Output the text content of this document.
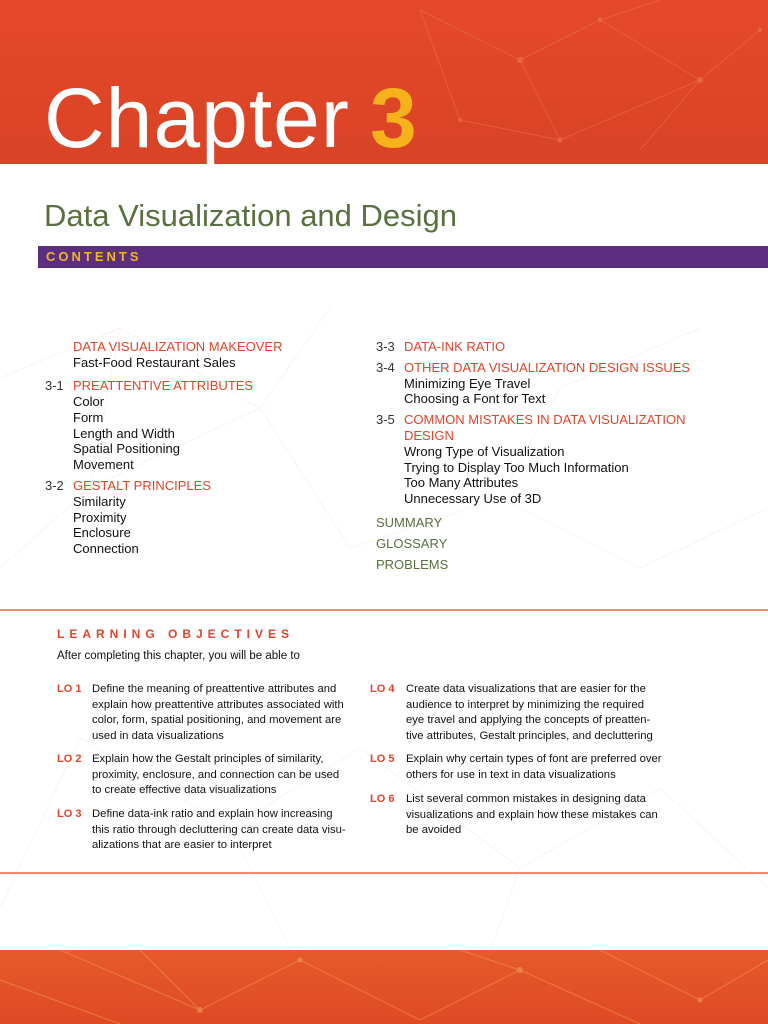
Chapter 3
Data Visualization and Design
CONTENTS
DATA VISUALIZATION MAKEOVER
Fast-Food Restaurant Sales
3-1 PREATTENTIVE ATTRIBUTES
Color
Form
Length and Width
Spatial Positioning
Movement
3-2 GESTALT PRINCIPLES
Similarity
Proximity
Enclosure
Connection
3-3 DATA-INK RATIO
3-4 OTHER DATA VISUALIZATION DESIGN ISSUES
Minimizing Eye Travel
Choosing a Font for Text
3-5 COMMON MISTAKES IN DATA VISUALIZATION
DESIGN
Wrong Type of Visualization
Trying to Display Too Much Information
Too Many Attributes
Unnecessary Use of 3D
SUMMARY
GLOSSARY
PROBLEMS
LEARNING OBJECTIVES
After completing this chapter, you will be able to
LO 1 Define the meaning of preattentive attributes and
explain how preattentive attributes associated with
color, form, spatial positioning, and movement are
used in data visualizations
LO 2 Explain how the Gestalt principles of similarity,
proximity, enclosure, and connection can be used
to create effective data visualizations
LO 3 Define data-ink ratio and explain how increasing
this ratio through decluttering can create data visu-
alizations that are easier to interpret
LO 4 Create data visualizations that are easier for the
audience to interpret by minimizing the required
eye travel and applying the concepts of preatten-
tive attributes, Gestalt principles, and decluttering
LO 5 Explain why certain types of font are preferred over
others for use in text in data visualizations
LO 6 List several common mistakes in designing data
visualizations and explain how these mistakes can
be avoided
